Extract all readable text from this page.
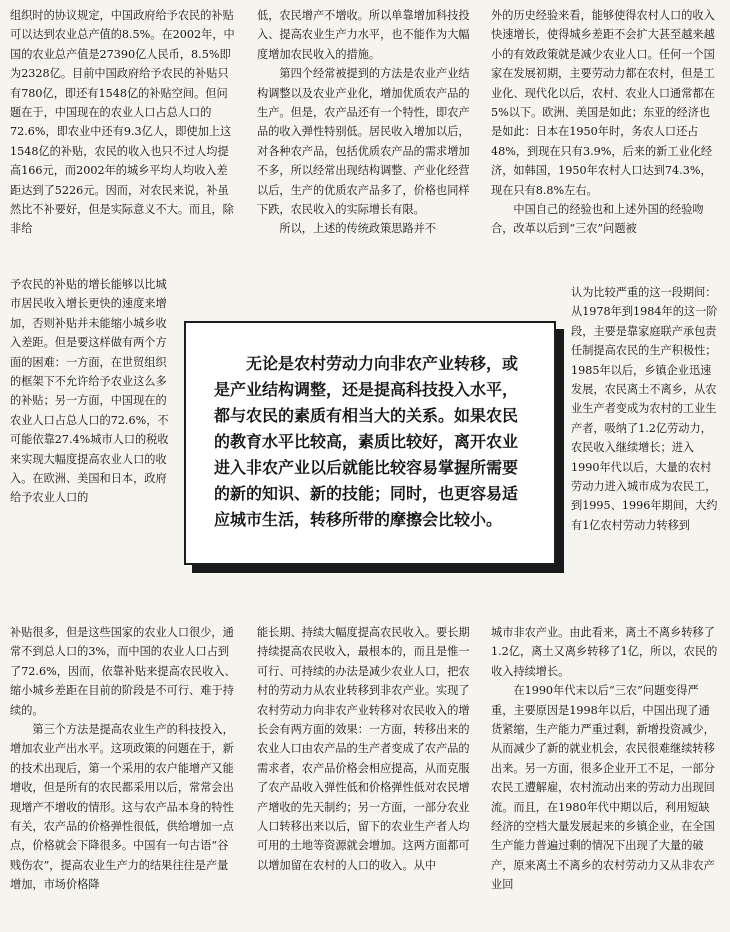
组织时的协议规定，中国政府给予农民的补贴可以达到农业总产值的8.5%。在2002年，中国的农业总产值是27390亿人民币，8.5%即为2328亿。目前中国政府给予农民的补贴只有780亿，即还有1548亿的补贴空间。但问题在于，中国现在的农业人口占总人口的72.6%，即农业中还有9.3亿人，即使加上这1548亿的补贴，农民的收入也只不过人均提高166元，而2002年的城乡平均人均收入差距达到了5226元。因而，对农民来说，补虽然比不补要好，但是实际意义不大。而且，除非给

予农民的补贴的增长能够以比城市居民收入增长更快的速度来增加，否则补贴并未能缩小城乡收入差距。但是要这样做有两个方面的困难：一方面，在世贸组织的框架下不允许给予农业这么多的补贴；另一方面，中国现在的农业人口占总人口的72.6%，不可能依靠27.4%城市人口的税收来实现大幅度提高农业人口的收入。在欧洲、美国和日本，政府给予农业人口的

补贴很多，但是这些国家的农业人口很少，通常不到总人口的3%，而中国的农业人口占到了72.6%，因而，依靠补贴来提高农民收入、缩小城乡差距在目前的阶段是不可行、难于持续的。

第三个方法是提高农业生产的科技投入，增加农业产出水平。这项政策的问题在于，新的技术出现后，第一个采用的农户能增产又能增收，但是所有的农民都采用以后，常常会出现增产不增收的情形。这与农产品本身的特性有关，农产品的价格弹性很低，供给增加一点点，价格就会下降很多。中国有一句古语“谷贱伤农”，提高农业生产力的结果往往是产量增加，市场价格降

低，农民增产不增收。所以单靠增加科技投入、提高农业生产力水平，也不能作为大幅度增加农民收入的措施。

第四个经常被提到的方法是农业产业结构调整以及农业产业化，增加优质农产品的生产。但是，农产品还有一个特性，即农产品的收入弹性特别低。居民收入增加以后，对各种农产品，包括优质农产品的需求增加不多，所以经常出现结构调整、产业化经营以后，生产的优质农产品多了，价格也同样下跌，农民收入的实际增长有限。

所以，上述的传统政策思路并不

能长期、持续大幅度提高农民收入。要长期持续提高农民收入，最根本的，而且是惟一可行、可持续的办法是减少农业人口，把农村的劳动力从农业转移到非农产业。实现了农村劳动力向非农产业转移对农民收入的增长会有两方面的效果：一方面，转移出来的农业人口由农产品的生产者变成了农产品的需求者，农产品价格会相应提高，从而克服了农产品收入弹性低和价格弹性低对农民增产增收的先天制约；另一方面，一部分农业人口转移出来以后，留下的农业生产者人均可用的土地等资源就会增加。这两方面都可以增加留在农村的人口的收入。从中

外的历史经验来看，能够使得农村人口的收入快速增长，使得城乡差距不会扩大甚至越来越小的有效政策就是减少农业人口。任何一个国家在发展初期，主要劳动力都在农村，但是工业化、现代化以后，农村、农业人口通常都在5%以下。欧洲、美国是如此；东亚的经济也是如此：日本在1950年时，务农人口还占48%，到现在只有3.9%，后来的新工业化经济，如韩国，1950年农村人口达到74.3%，现在只有8.8%左右。

中国自己的经验也和上述外国的经验吻合，改革以后到“三农”问题被

认为比较严重的这一段期间：从1978年到1984年的这一阶段，主要是靠家庭联产承包责任制提高农民的生产积极性；1985年以后，乡镇企业迅速发展，农民离土不离乡，从农业生产者变成为农村的工业生产者，吸纳了1.2亿劳动力，农民收入继续增长；进入1990年代以后，大量的农村劳动力进入城市成为农民工，到1995、1996年期间，大约有1亿农村劳动力转移到

城市非农产业。由此看来，离土不离乡转移了1.2亿，离土又离乡转移了1亿，所以，农民的收入持续增长。

在1990年代末以后“三农”问题变得严重，主要原因是1998年以后，中国出现了通货紧缩，生产能力严重过剩，新增投资减少，从而减少了新的就业机会，农民很难继续转移出来。另一方面，很多企业开工不足，一部分农民工遭解雇，农村流动出来的劳动力出现回流。而且，在1980年代中期以后，利用短缺经济的空档大量发展起来的乡镇企业，在全国生产能力普遍过剩的情况下出现了大量的破产，原来离土不离乡的农村劳动力又从非农产业回

无论是农村劳动力向非农产业转移，或是产业结构调整，还是提高科技投入水平，都与农民的素质有相当大的关系。如果农民的教育水平比较高，素质比较好，离开农业进入非农产业以后就能比较容易掌握所需要的新的知识、新的技能；同时，也更容易适应城市生活，转移所带的摩擦会比较小。
